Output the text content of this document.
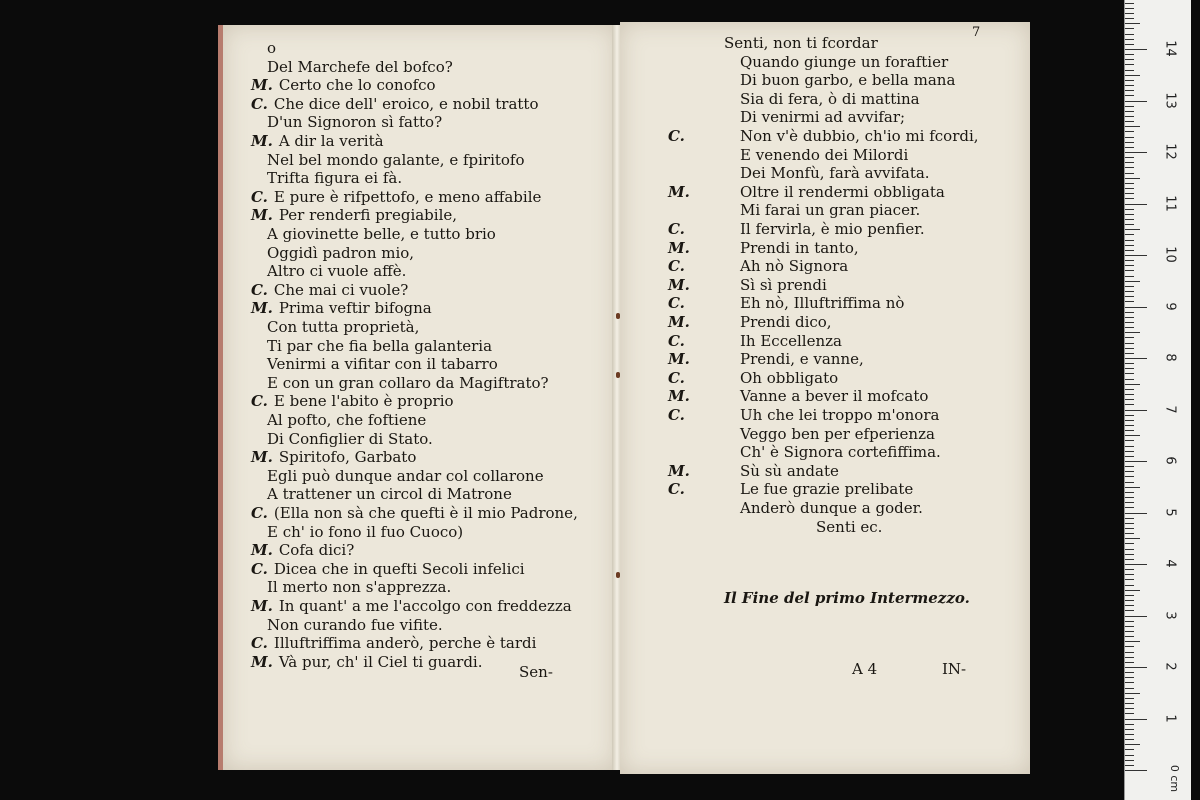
o
Del Marchefe del bofco?
M. Certo che lo conofco
C. Che dice dell' eroico, e nobil tratto
D'un Signoron sì fatto?
M. A dir la verità
Nel bel mondo galante, e fpiritofo
Trifta figura ei fà.
C. E pure è rifpettofo, e meno affabile
M. Per renderfi pregiabile,
A giovinette belle, e tutto brio
Oggidì padron mio,
Altro ci vuole affè.
C. Che mai ci vuole?
M. Prima veftir bifogna
Con tutta proprietà,
Ti par che fia bella galanteria
Venirmi a vifitar con il tabarro
E con un gran collaro da Magiftrato?
C. E bene l'abito è proprio
Al pofto, che foftiene
Di Configlier di Stato.
M. Spiritofo, Garbato
Egli può dunque andar col collarone
A trattener un circol di Matrone
C. (Ella non sà che quefti è il mio Padrone,
E ch' io fono il fuo Cuoco)
M. Cofa dici?
C. Dicea che in quefti Secoli infelici
Il merto non s'apprezza.
M. In quant' a me l'accolgo con freddezza
Non curando fue vifite.
C. Illuftriffima anderò, perche è tardi
M. Và pur, ch' il Ciel ti guardi.
Sen-
7
Il Fine del primo Intermezzo.
A 4	IN-
Senti, non ti fcordar
Quando giunge un foraftier
Di buon garbo, e bella mana
Sia di fera, ò di mattina
Di venirmi ad avvifar;
C.	Non v'è dubbio, ch'io mi fcordi,
E venendo dei Milordi
Dei Monfù, farà avvifata.
M.	Oltre il rendermi obbligata
Mi farai un gran piacer.
C.	Il fervirla, è mio penfier.
M.	Prendi in tanto,
C.	Ah nò Signora
M.	Sì sì prendi
C.	Eh nò, Illuftriffima nò
M.	Prendi dico,
C.	Ih Eccellenza
M.	Prendi, e vanne,
C.	Oh obbligato
M.	Vanne a bever il mofcato
C.	Uh che lei troppo m'onora
Veggo ben per efperienza
Ch' è Signora cortefiffima.
M.	Sù sù andate
C.	Le fue grazie prelibate
Anderò dunque a goder.
Senti ec.
0 cm
1
2
3
4
5
6
7
8
9
10
11
12
13
14
